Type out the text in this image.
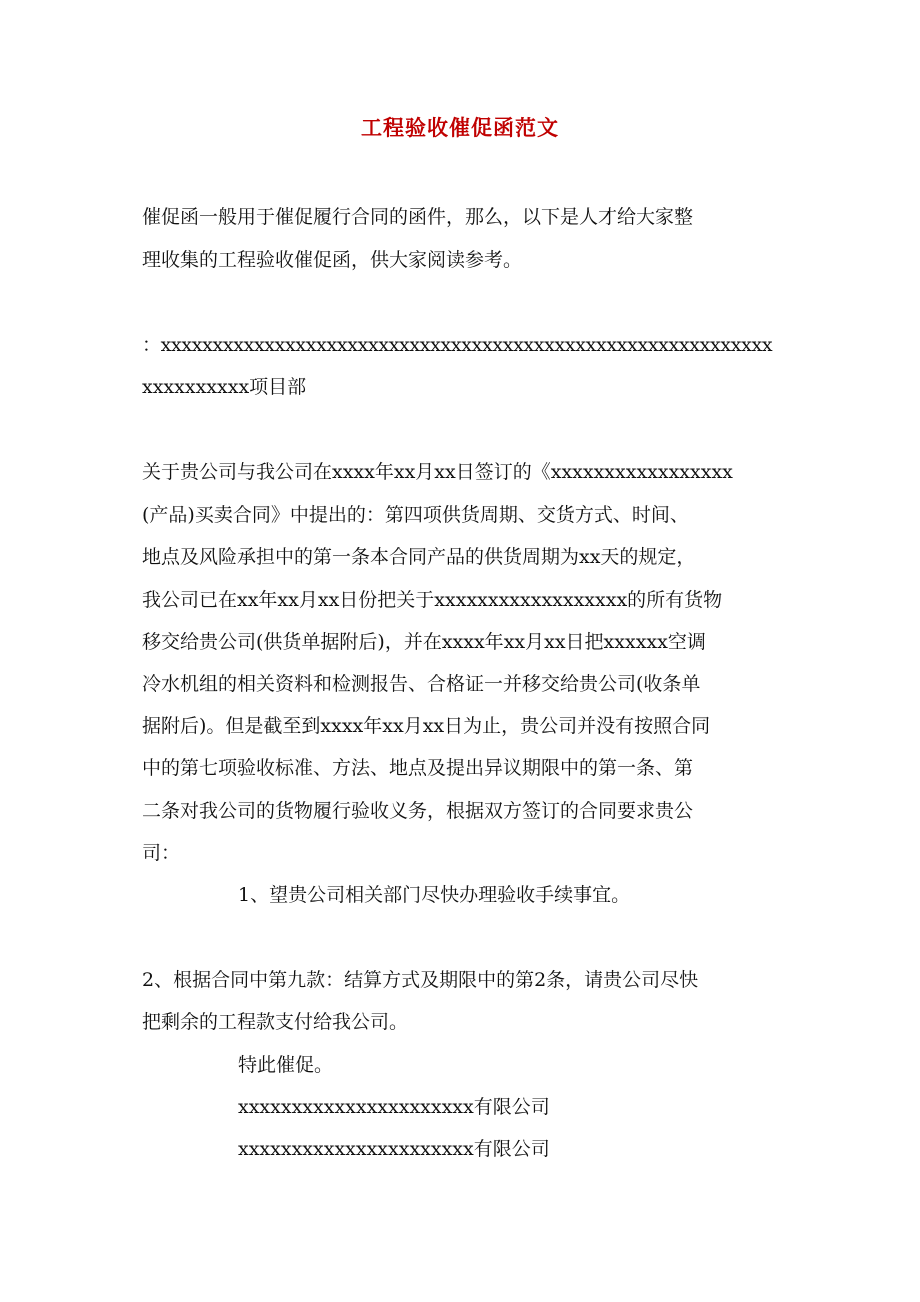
工程验收催促函范文
催促函一般用于催促履行合同的函件，那么，以下是人才给大家整
理收集的工程验收催促函，供大家阅读参考。
：xxxxxxxxxxxxxxxxxxxxxxxxxxxxxxxxxxxxxxxxxxxxxxxxxxxxxxxxxxx
xxxxxxxxxx项目部
关于贵公司与我公司在xxxx年xx月xx日签订的《xxxxxxxxxxxxxxxxx
(产品)买卖合同》中提出的：第四项供货周期、交货方式、时间、
地点及风险承担中的第一条本合同产品的供货周期为xx天的规定，
我公司已在xx年xx月xx日份把关于xxxxxxxxxxxxxxxxxx的所有货物
移交给贵公司(供货单据附后)，并在xxxx年xx月xx日把xxxxxx空调
冷水机组的相关资料和检测报告、合格证一并移交给贵公司(收条单
据附后)。但是截至到xxxx年xx月xx日为止，贵公司并没有按照合同
中的第七项验收标准、方法、地点及提出异议期限中的第一条、第
二条对我公司的货物履行验收义务，根据双方签订的合同要求贵公
司：
1、望贵公司相关部门尽快办理验收手续事宜。
2、根据合同中第九款：结算方式及期限中的第2条，请贵公司尽快
把剩余的工程款支付给我公司。
特此催促。
xxxxxxxxxxxxxxxxxxxxxx有限公司
xxxxxxxxxxxxxxxxxxxxxx有限公司
